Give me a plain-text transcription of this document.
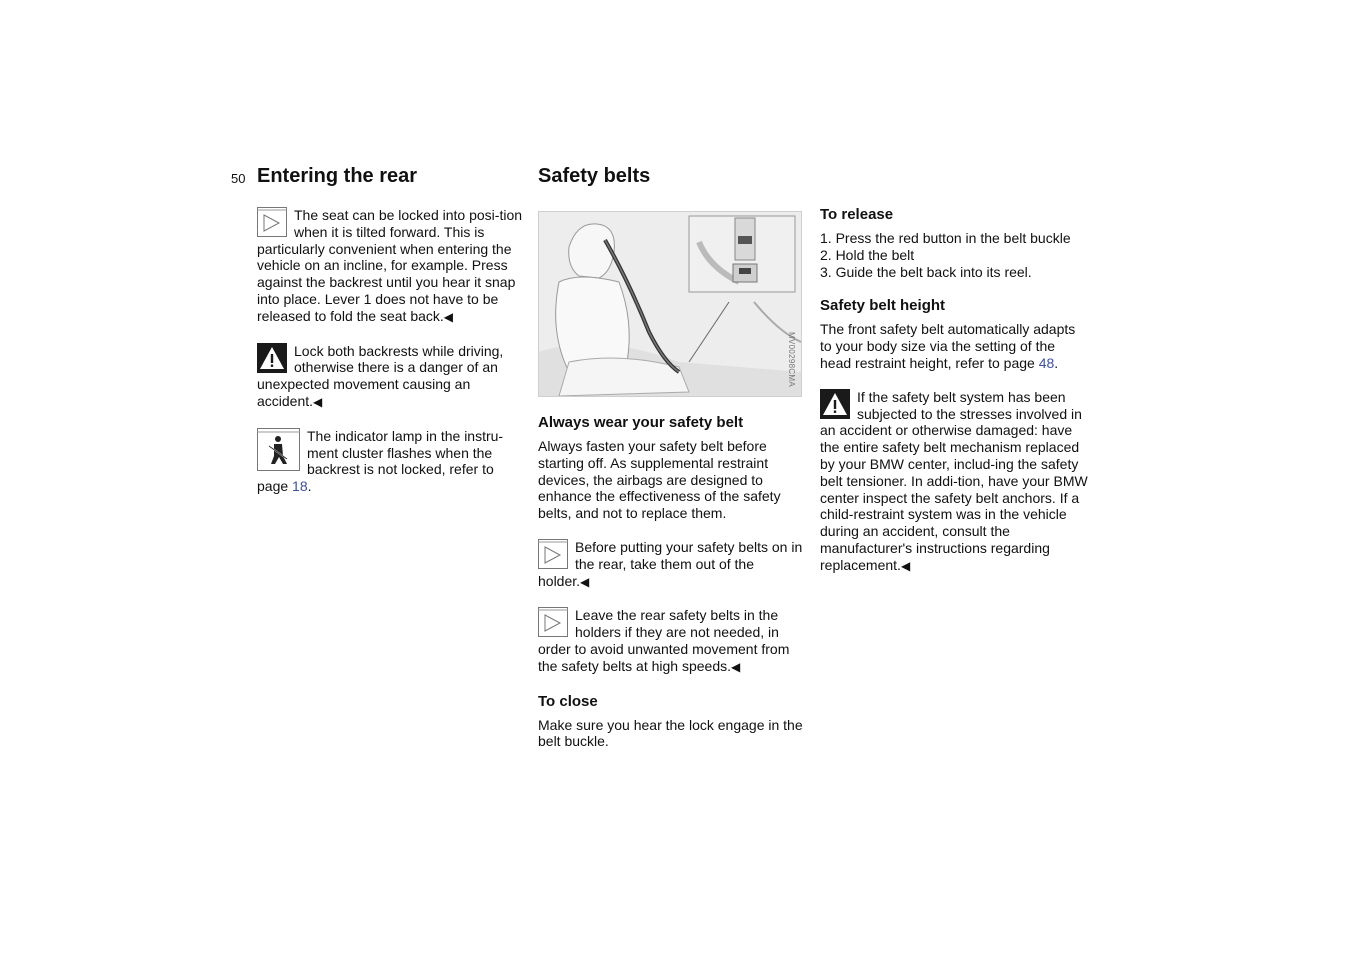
50 Entering the rear
The seat can be locked into posi-tion when it is tilted forward. This is particularly convenient when entering the vehicle on an incline, for example. Press against the backrest until you hear it snap into place. Lever 1 does not have to be released to fold the seat back.◀
Lock both backrests while driving, otherwise there is a danger of an unexpected movement causing an accident.◀
The indicator lamp in the instru-ment cluster flashes when the backrest is not locked, refer to page 18.
Safety belts
MV00298CMA
Always wear your safety belt

Always fasten your safety belt before starting off. As supplemental restraint devices, the airbags are designed to enhance the effectiveness of the safety belts, and not to replace them.

Before putting your safety belts on in the rear, take them out of the holder.◀
Leave the rear safety belts in the holders if they are not needed, in order to avoid unwanted movement from the safety belts at high speeds.◀
To close

Make sure you hear the lock engage in the belt buckle.

To release
1. Press the red button in the belt buckle
2. Hold the belt
3. Guide the belt back into its reel.
Safety belt height

The front safety belt automatically adapts to your body size via the setting of the head restraint height, refer to page 48.

If the safety belt system has been subjected to the stresses involved in an accident or otherwise damaged: have the entire safety belt mechanism replaced by your BMW center, includ-ing the safety belt tensioner. In addi-tion, have your BMW center inspect the safety belt anchors. If a child-restraint system was in the vehicle during an accident, consult the manufacturer's instructions regarding replacement.◀
